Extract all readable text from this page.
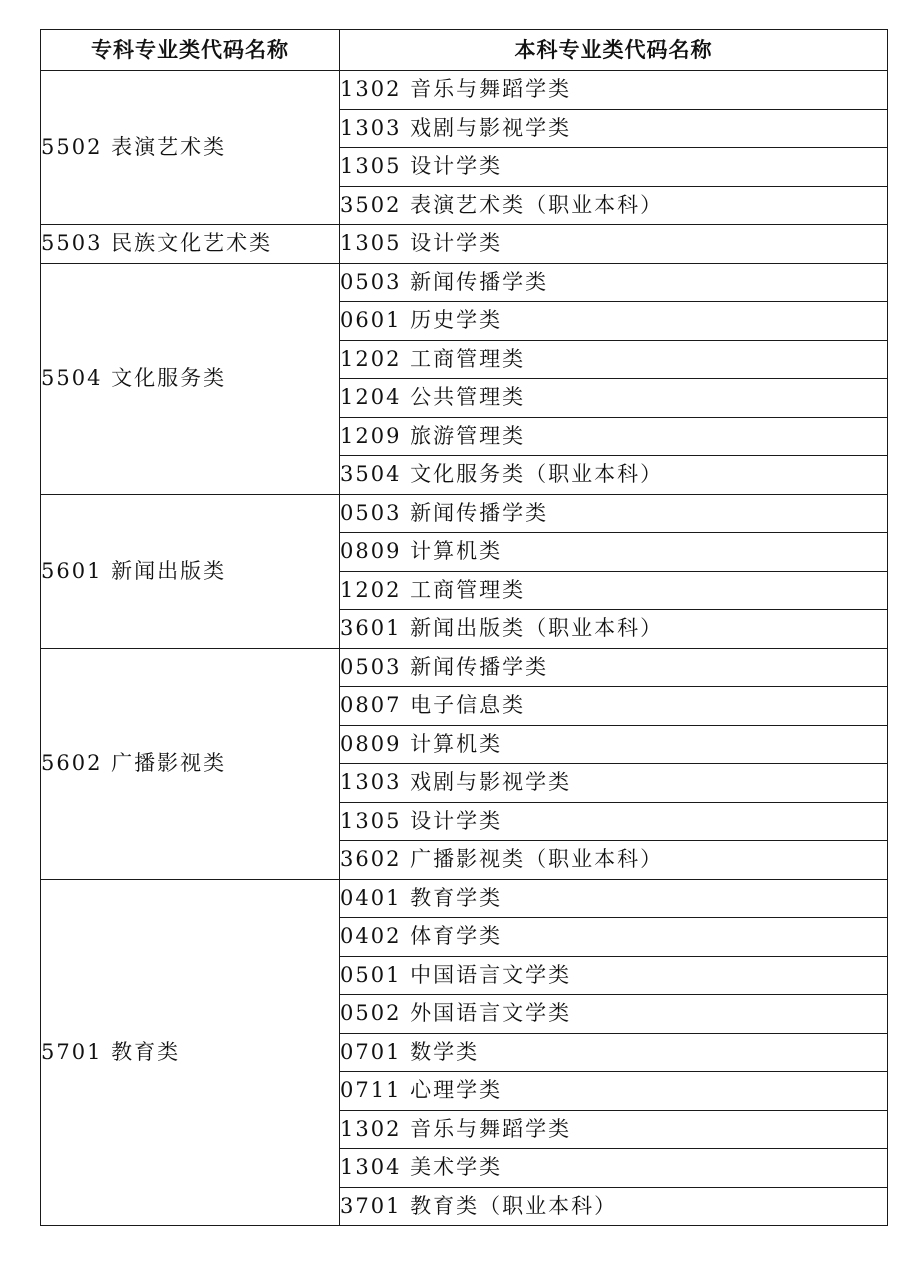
专科专业类代码名称	本科专业类代码名称
5502 表演艺术类	1302 音乐与舞蹈学类
	1303 戏剧与影视学类
	1305 设计学类
	3502 表演艺术类（职业本科）
5503 民族文化艺术类	1305 设计学类
5504 文化服务类	0503 新闻传播学类
	0601 历史学类
	1202 工商管理类
	1204 公共管理类
	1209 旅游管理类
	3504 文化服务类（职业本科）
5601 新闻出版类	0503 新闻传播学类
	0809 计算机类
	1202 工商管理类
	3601 新闻出版类（职业本科）
5602 广播影视类	0503 新闻传播学类
	0807 电子信息类
	0809 计算机类
	1303 戏剧与影视学类
	1305 设计学类
	3602 广播影视类（职业本科）
5701 教育类	0401 教育学类
	0402 体育学类
	0501 中国语言文学类
	0502 外国语言文学类
	0701 数学类
	0711 心理学类
	1302 音乐与舞蹈学类
	1304 美术学类
	3701 教育类（职业本科）
